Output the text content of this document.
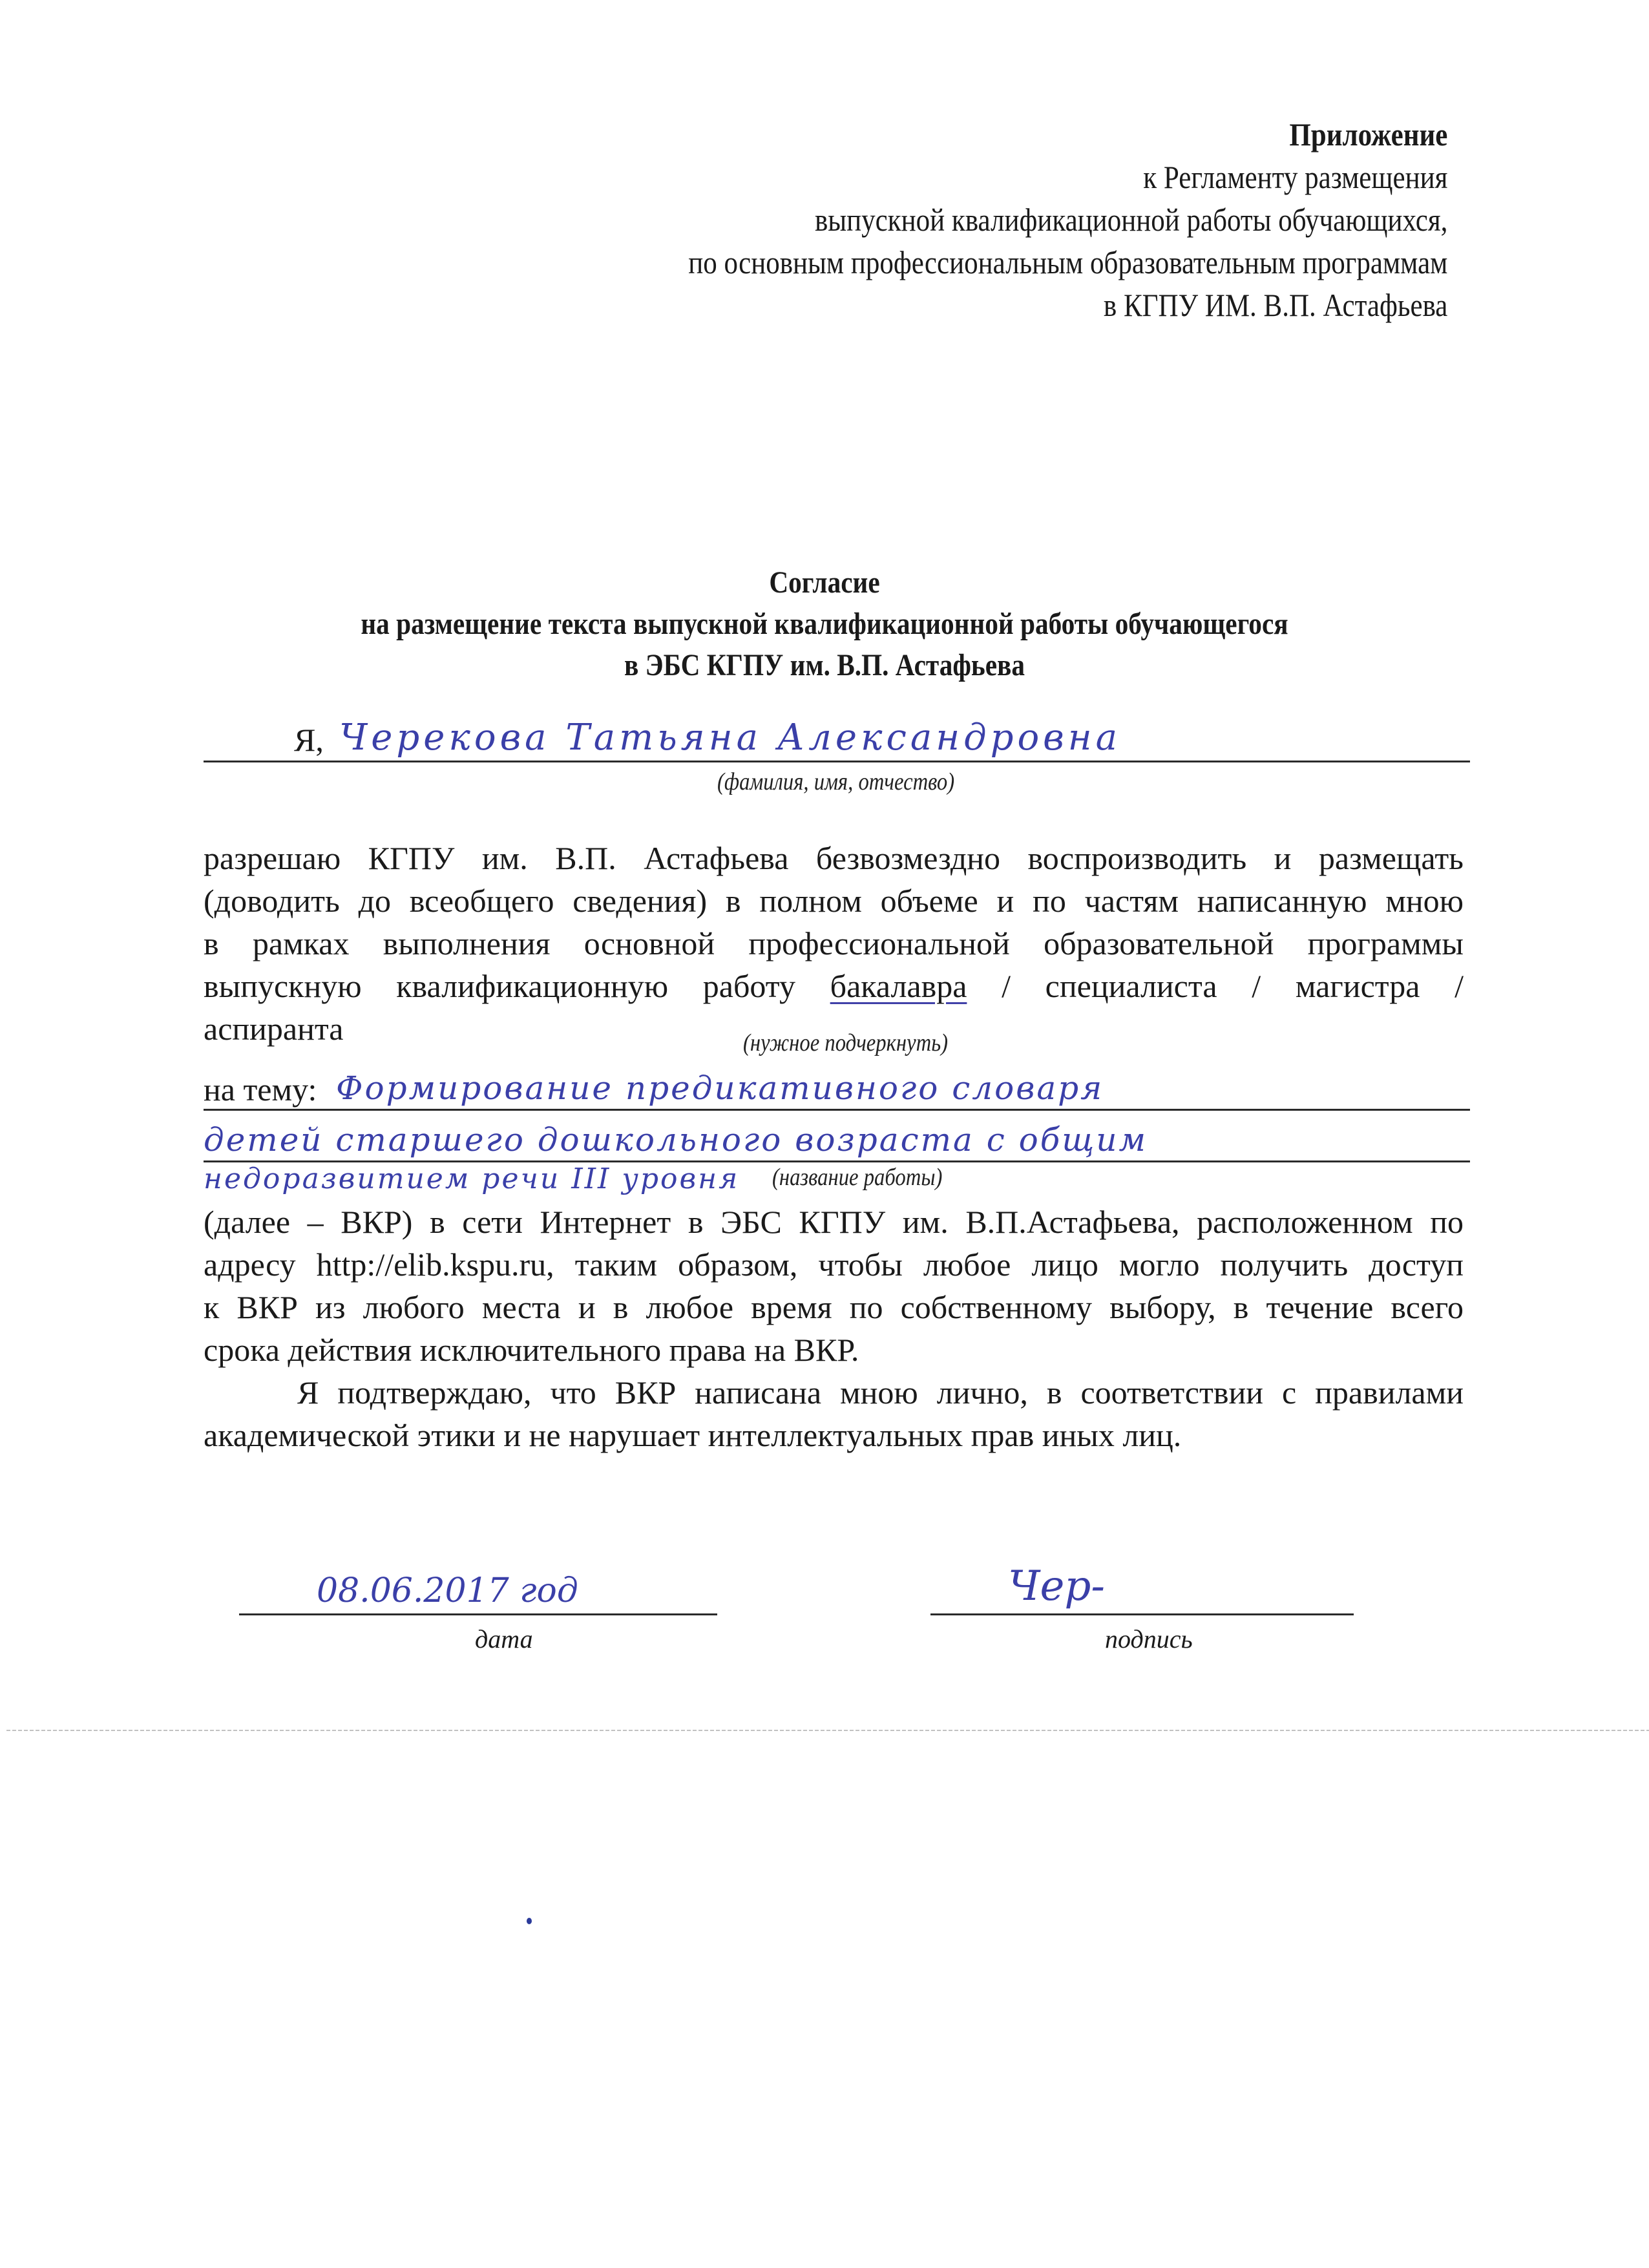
Приложение
к Регламенту размещения
выпускной квалификационной работы обучающихся,
по основным профессиональным образовательным программам
в КГПУ ИМ. В.П. Астафьева
Согласие
на размещение текста выпускной квалификационной работы обучающегося
в ЭБС КГПУ им. В.П. Астафьева
Я, Черекова Татьяна Александровна
(фамилия, имя, отчество)
разрешаю КГПУ им. В.П. Астафьева безвозмездно воспроизводить и размещать
(доводить до всеобщего сведения) в полном объеме и по частям написанную мною
в рамках выполнения основной профессиональной образовательной программы
выпускную квалификационную работу бакалавра / специалиста / магистра /
аспиранта	(нужное подчеркнуть)
на тему: Формирование предикативного словаря
детей старшего дошкольного возраста с общим
недоразвитием речи III уровня (название работы)
(далее – ВКР) в сети Интернет в ЭБС КГПУ им. В.П.Астафьева, расположенном по
адресу http://elib.kspu.ru, таким образом, чтобы любое лицо могло получить доступ
к ВКР из любого места и в любое время по собственному выбору, в течение всего
срока действия исключительного права на ВКР.
Я подтверждаю, что ВКР написана мною лично, в соответствии с правилами
академической этики и не нарушает интеллектуальных прав иных лиц.
08.06.2017 год
дата
Чер-
подпись
